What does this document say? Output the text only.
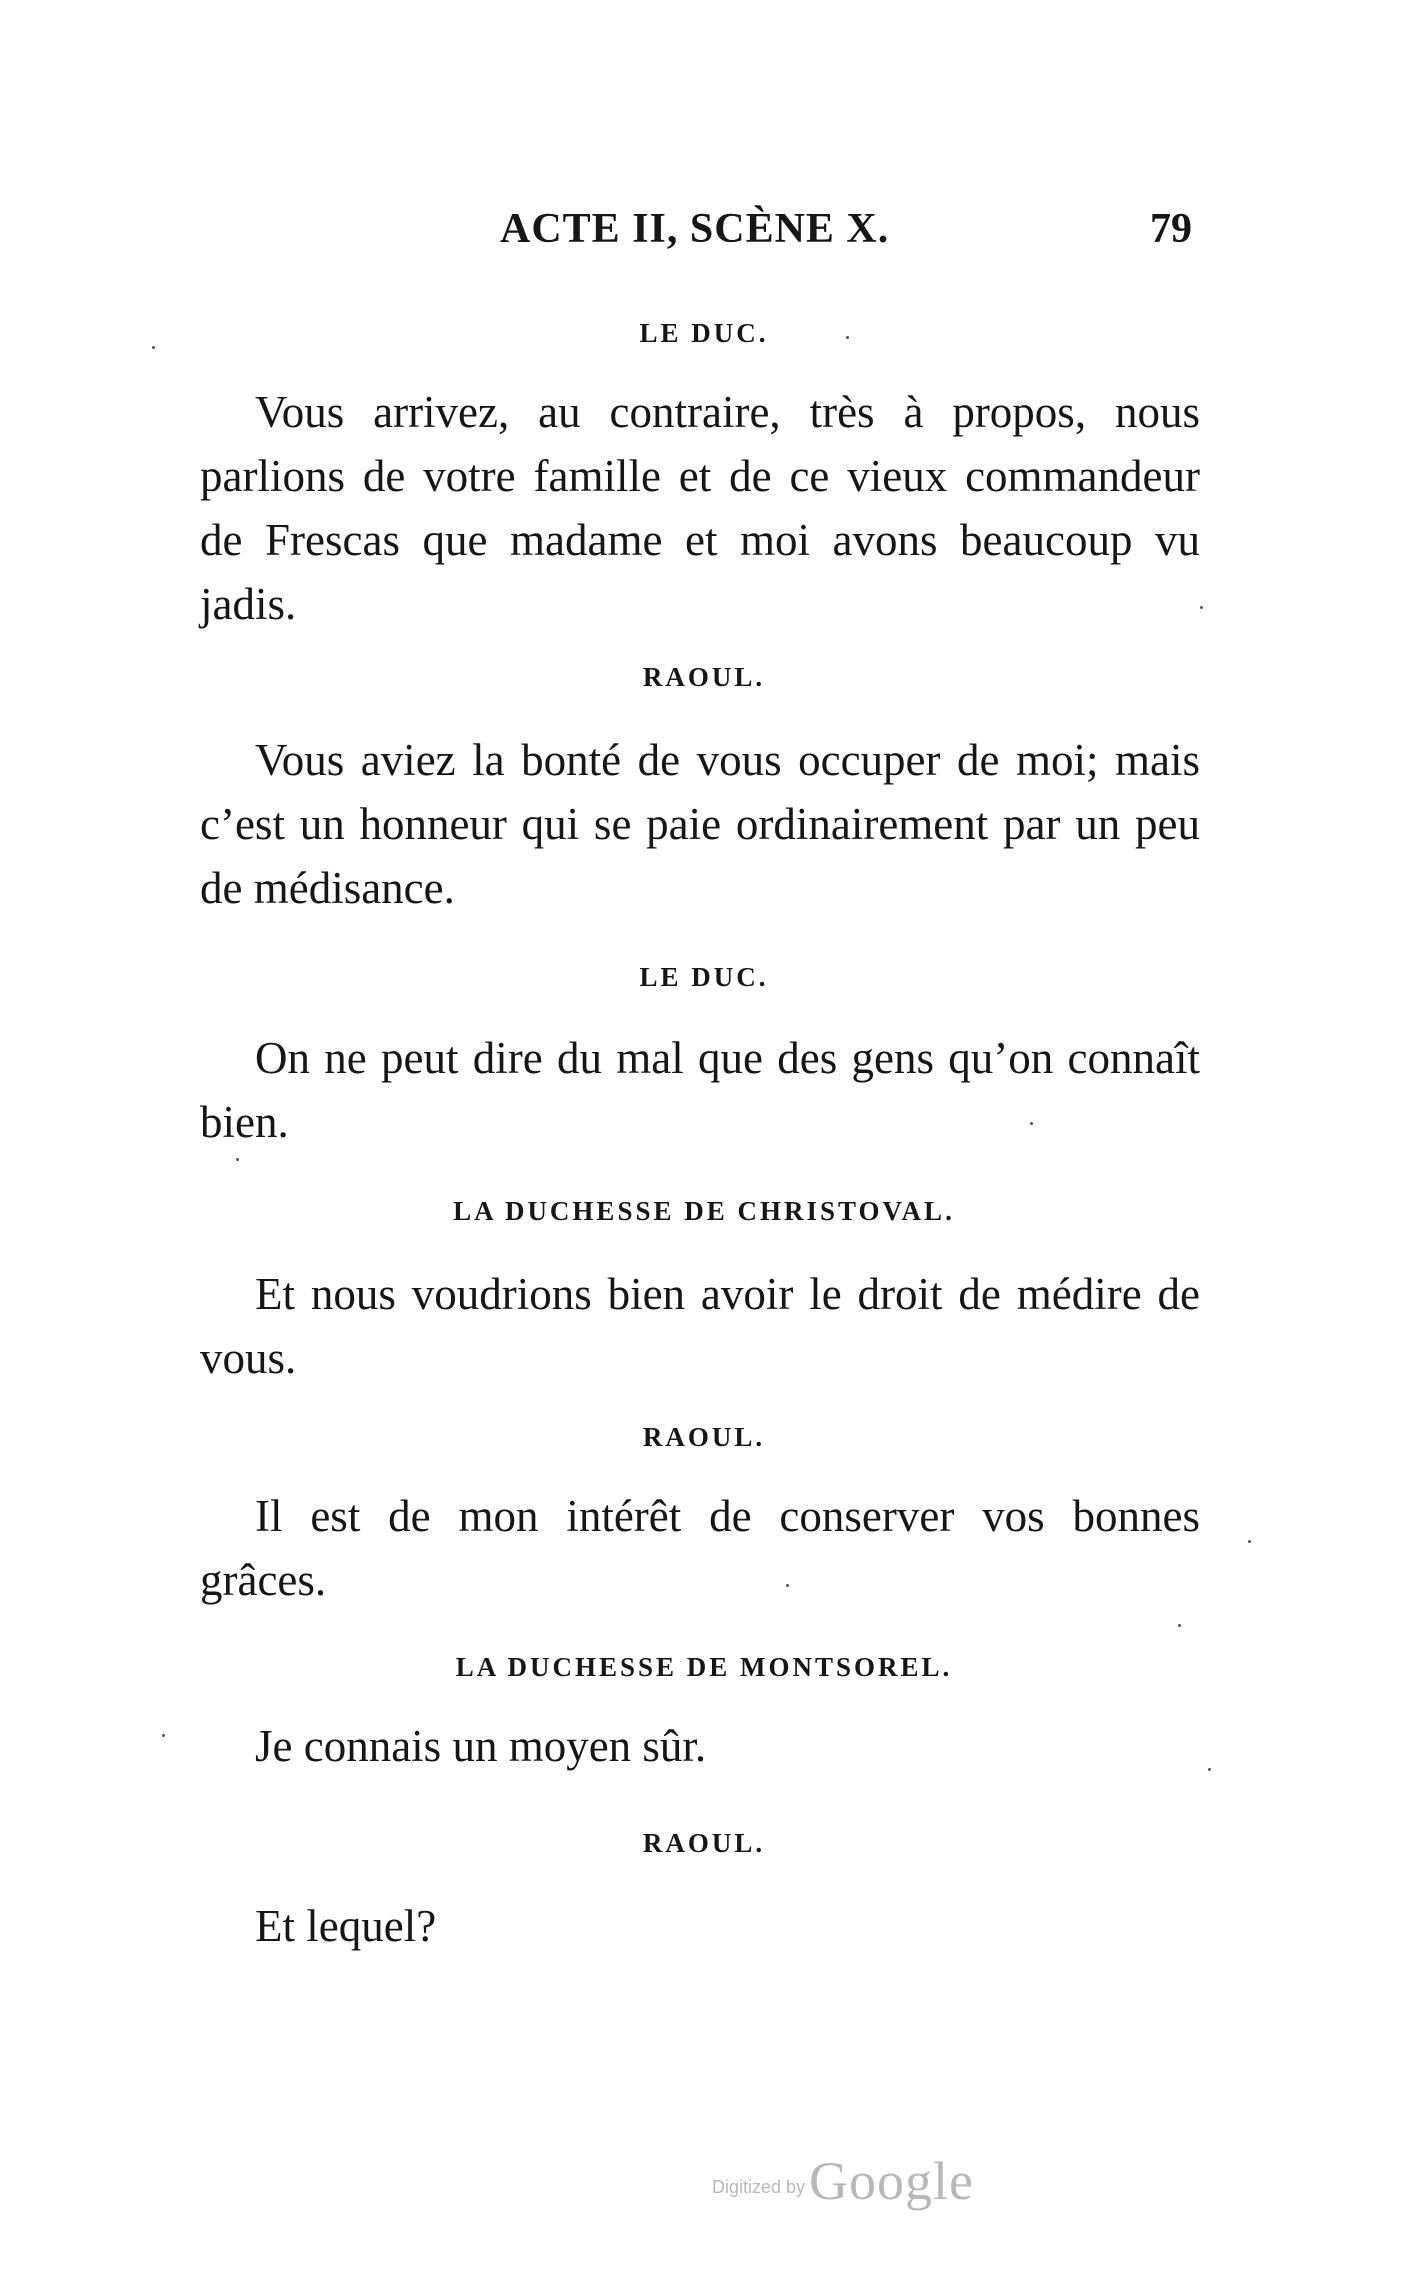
ACTE II, SCÈNE X.	79
LE DUC.

Vous arrivez, au contraire, très à propos, nous parlions de votre famille et de ce vieux commandeur de Frescas que madame et moi avons beaucoup vu jadis.

RAOUL.

Vous aviez la bonté de vous occuper de moi; mais c’est un honneur qui se paie ordinairement par un peu de médisance.

LE DUC.

On ne peut dire du mal que des gens qu’on connaît bien.

LA DUCHESSE DE CHRISTOVAL.

Et nous voudrions bien avoir le droit de médire de vous.

RAOUL.

Il est de mon intérêt de conserver vos bonnes grâces.

LA DUCHESSE DE MONTSOREL.

Je connais un moyen sûr.

RAOUL.

Et lequel?

Digitized by Google
